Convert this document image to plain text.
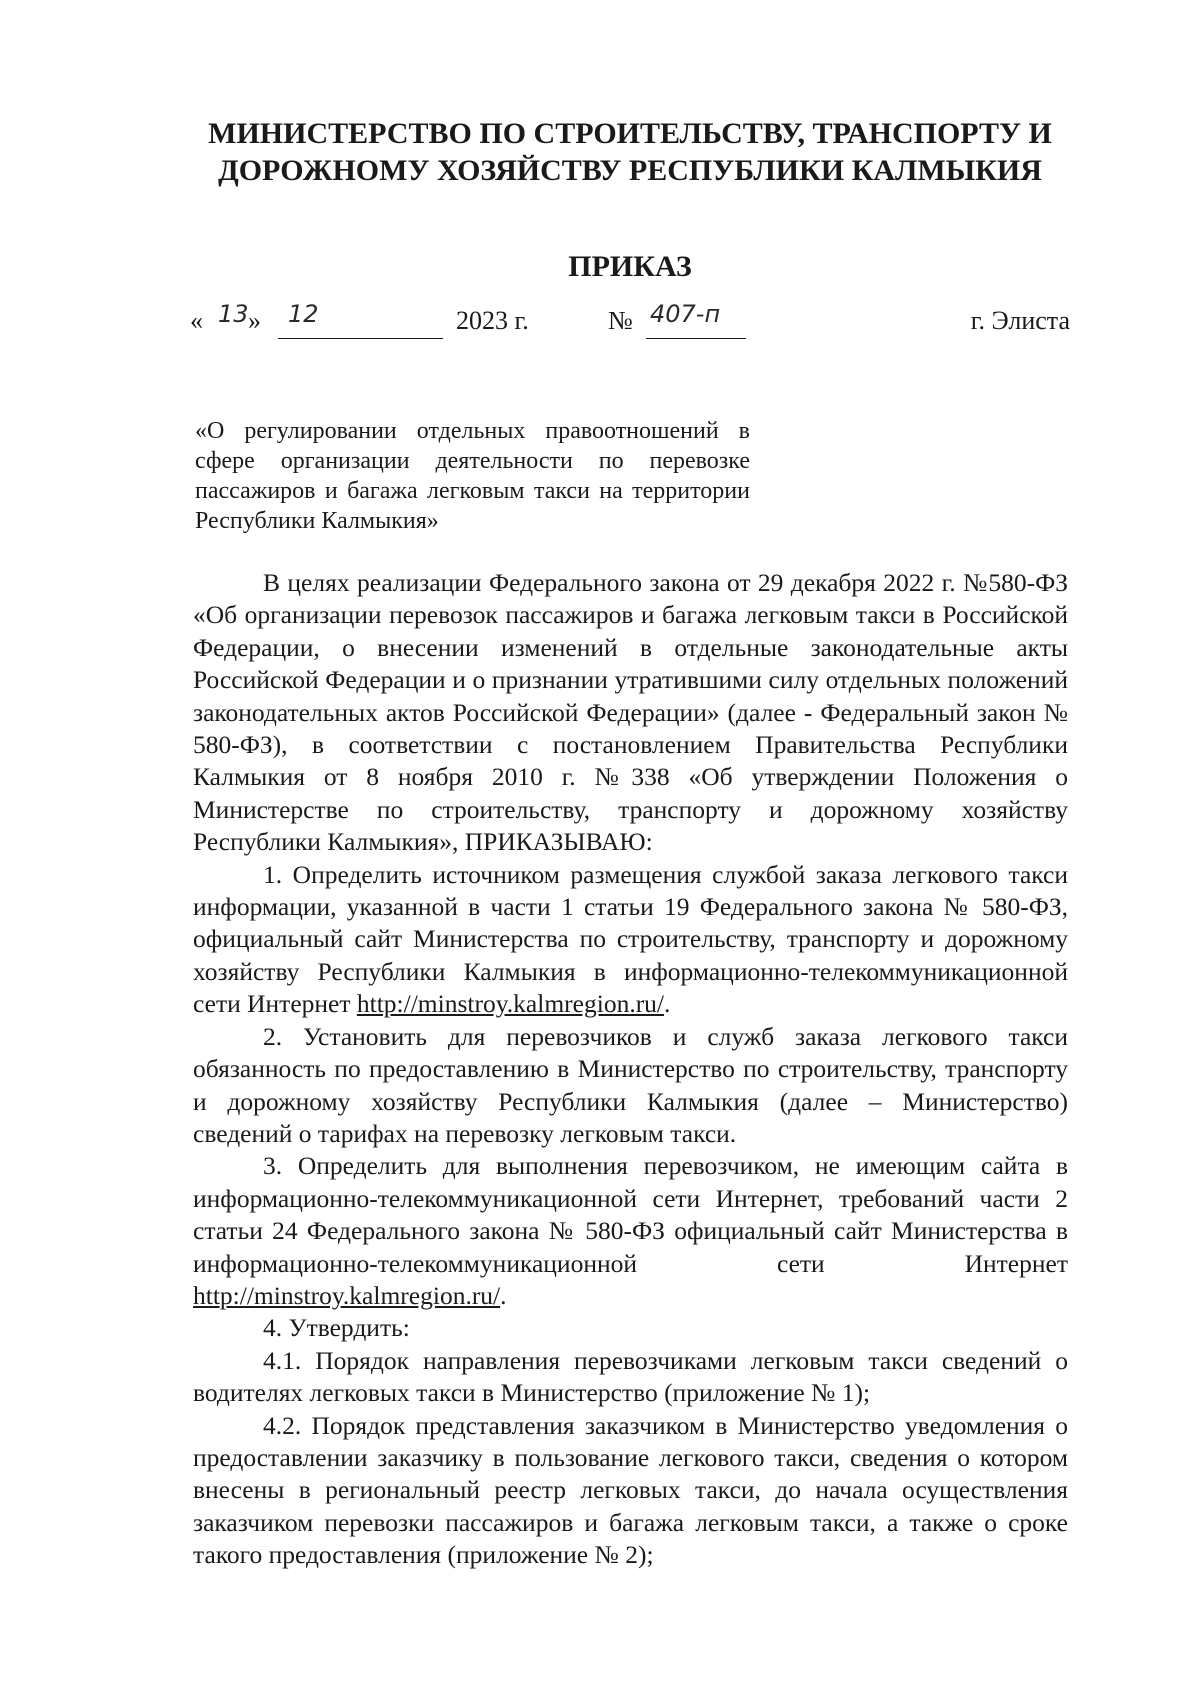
МИНИСТЕРСТВО ПО СТРОИТЕЛЬСТВУ, ТРАНСПОРТУ И
ДОРОЖНОМУ ХОЗЯЙСТВУ РЕСПУБЛИКИ КАЛМЫКИЯ
ПРИКАЗ
« 13 » 12	2023 г.	№ 407-п	г. Элиста

«О регулировании отдельных правоотношений в сфере организации деятельности по перевозке пассажиров и багажа легковым такси на территории Республики Калмыкия»

В целях реализации Федерального закона от 29 декабря 2022 г. №580-ФЗ «Об организации перевозок пассажиров и багажа легковым такси в Российской Федерации, о внесении изменений в отдельные законодательные акты Российской Федерации и о признании утратившими силу отдельных положений законодательных актов Российской Федерации» (далее - Федеральный закон № 580-ФЗ), в соответствии с постановлением Правительства Республики Калмыкия от 8 ноября 2010 г. №338 «Об утверждении Положения о Министерстве по строительству, транспорту и дорожному хозяйству Республики Калмыкия», ПРИКАЗЫВАЮ:

1. Определить источником размещения службой заказа легкового такси информации, указанной в части 1 статьи 19 Федерального закона № 580-ФЗ, официальный сайт Министерства по строительству, транспорту и дорожному хозяйству Республики Калмыкия в информационно-телекоммуникационной сети Интернет http://minstroy.kalmregion.ru/.

2. Установить для перевозчиков и служб заказа легкового такси обязанность по предоставлению в Министерство по строительству, транспорту и дорожному хозяйству Республики Калмыкия (далее – Министерство) сведений о тарифах на перевозку легковым такси.

3. Определить для выполнения перевозчиком, не имеющим сайта в информационно-телекоммуникационной сети Интернет, требований части 2 статьи 24 Федерального закона № 580-ФЗ официальный сайт Министерства в информационно-телекоммуникационной сети Интернет http://minstroy.kalmregion.ru/.

4. Утвердить:

4.1. Порядок направления перевозчиками легковым такси сведений о водителях легковых такси в Министерство (приложение № 1);

4.2. Порядок представления заказчиком в Министерство уведомления о предоставлении заказчику в пользование легкового такси, сведения о котором внесены в региональный реестр легковых такси, до начала осуществления заказчиком перевозки пассажиров и багажа легковым такси, а также о сроке такого предоставления (приложение № 2);
